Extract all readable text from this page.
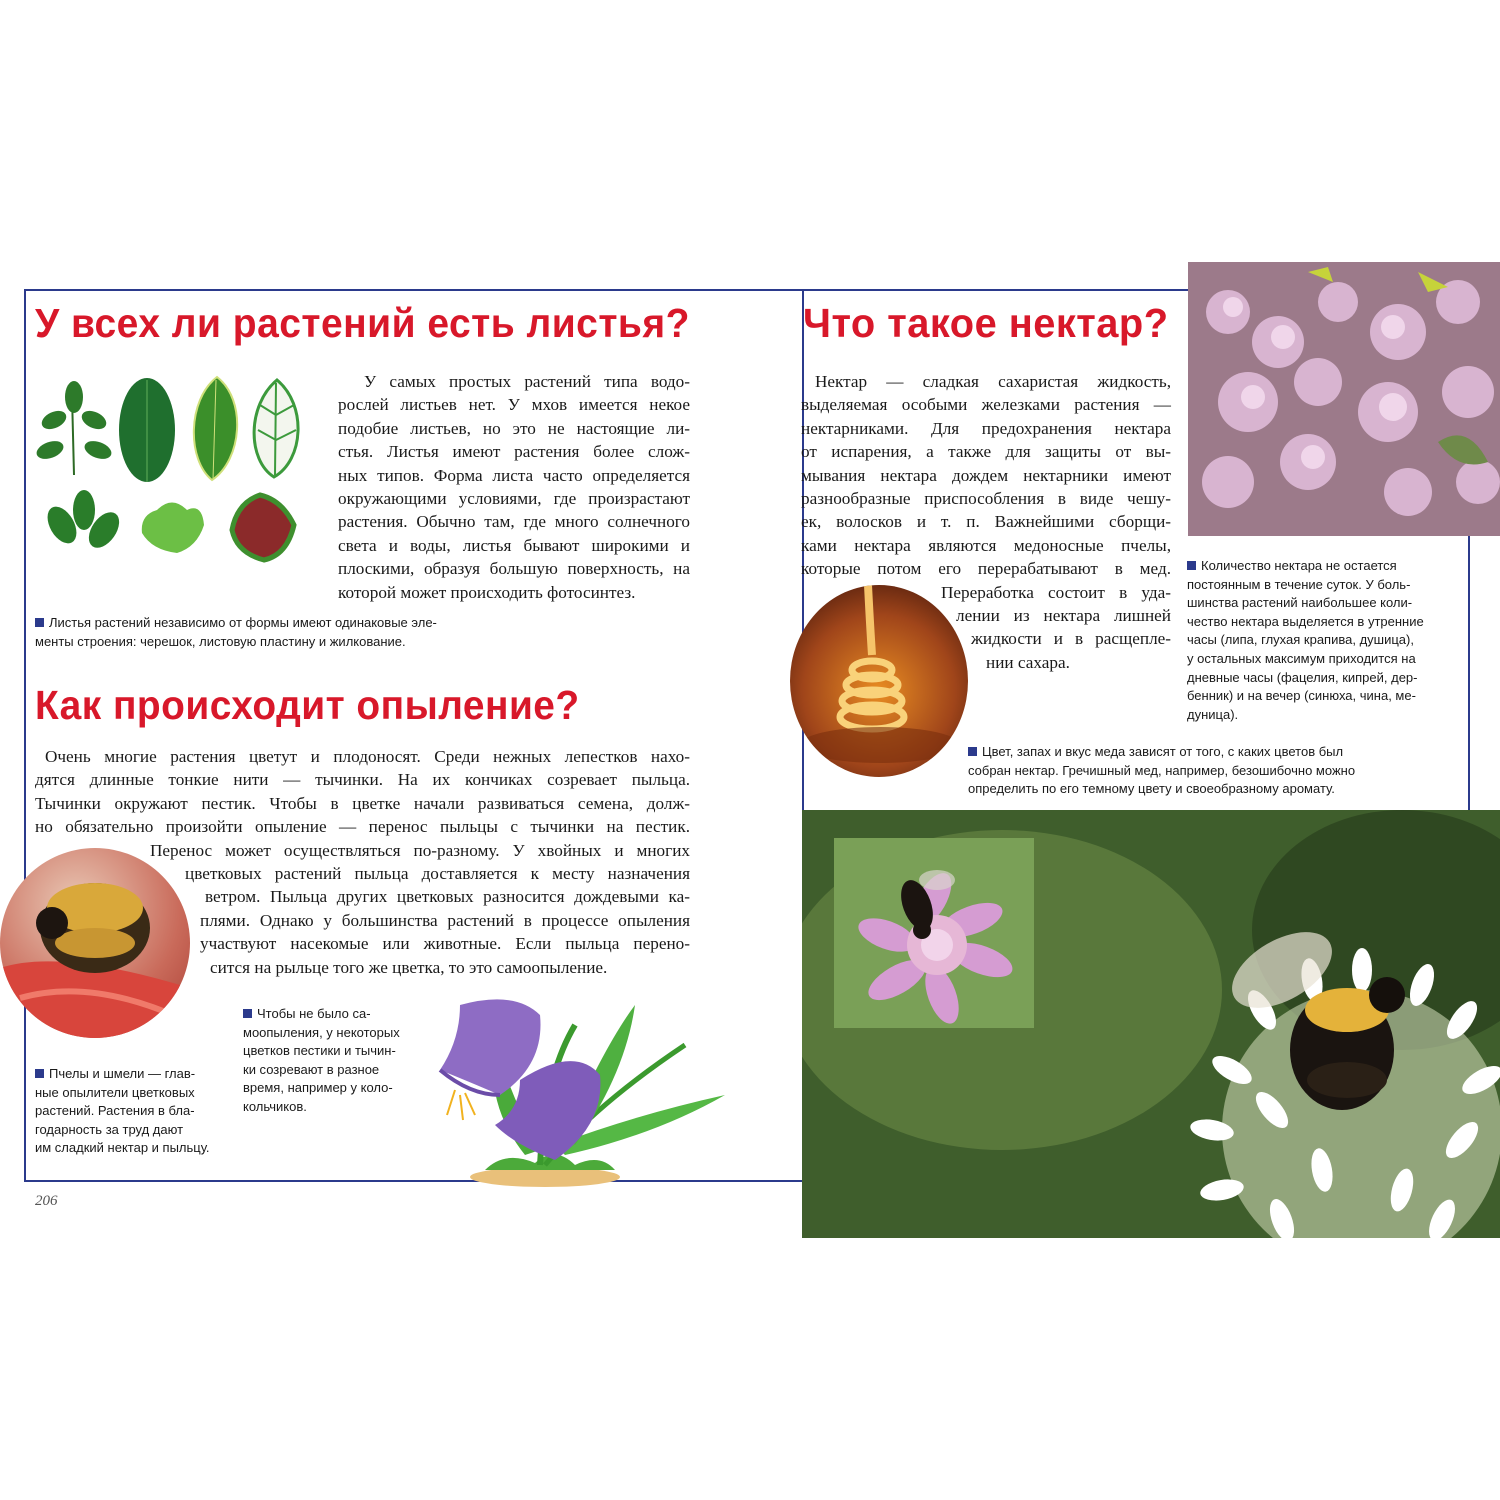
У всех ли растений есть листья?
У самых простых растений типа водо-
рослей листьев нет. У мхов имеется некое
подобие листьев, но это не настоящие ли-
стья. Листья имеют растения более слож-
ных типов. Форма листа часто определяется
окружающими условиями, где произрастают
растения. Обычно там, где много солнечного
света и воды, листья бывают широкими и
плоскими, образуя большую поверхность, на
которой может происходить фотосинтез.
Листья растений независимо от формы имеют одинаковые эле-
менты строения: черешок, листовую пластину и жилкование.
Как происходит опыление?
Очень многие растения цветут и плодоносят. Среди нежных лепестков нахо-
дятся длинные тонкие нити — тычинки. На их кончиках созревает пыльца.
Тычинки окружают пестик. Чтобы в цветке начали развиваться семена, долж-
но обязательно произойти опыление — перенос пыльцы с тычинки на пестик.
Перенос может осуществляться по-разному. У хвойных и многих
цветковых растений пыльца доставляется к месту назначения
ветром. Пыльца других цветковых разносится дождевыми ка-
плями. Однако у большинства растений в процессе опыления
участвуют насекомые или животные. Если пыльца перено-
сится на рыльце того же цветка, то это самоопыление.
Пчелы и шмели — глав-
ные опылители цветковых
растений. Растения в бла-
годарность за труд дают
им сладкий нектар и пыльцу.
Чтобы не было са-
моопыления, у некоторых
цветков пестики и тычин-
ки созревают в разное
время, например у коло-
кольчиков.
206
Что такое нектар?
Нектар — сладкая сахаристая жидкость,
выделяемая особыми железками растения —
нектарниками. Для предохранения нектара
от испарения, а также для защиты от вы-
мывания нектара дождем нектарники имеют
разнообразные приспособления в виде чешу-
ек, волосков и т. п. Важнейшими сборщи-
ками нектара являются медоносные пчелы,
которые потом его перерабатывают в мед.
Переработка состоит в уда-
лении из нектара лишней
жидкости и в расщепле-
нии сахара.
Количество нектара не остается
постоянным в течение суток. У боль-
шинства растений наибольшее коли-
чество нектара выделяется в утренние
часы (липа, глухая крапива, душица),
у остальных максимум приходится на
дневные часы (фацелия, кипрей, дер-
бенник) и на вечер (синюха, чина, ме-
дуница).
Цвет, запах и вкус меда зависят от того, с каких цветов был
собран нектар. Гречишный мед, например, безошибочно можно
определить по его темному цвету и своеобразному аромату.
